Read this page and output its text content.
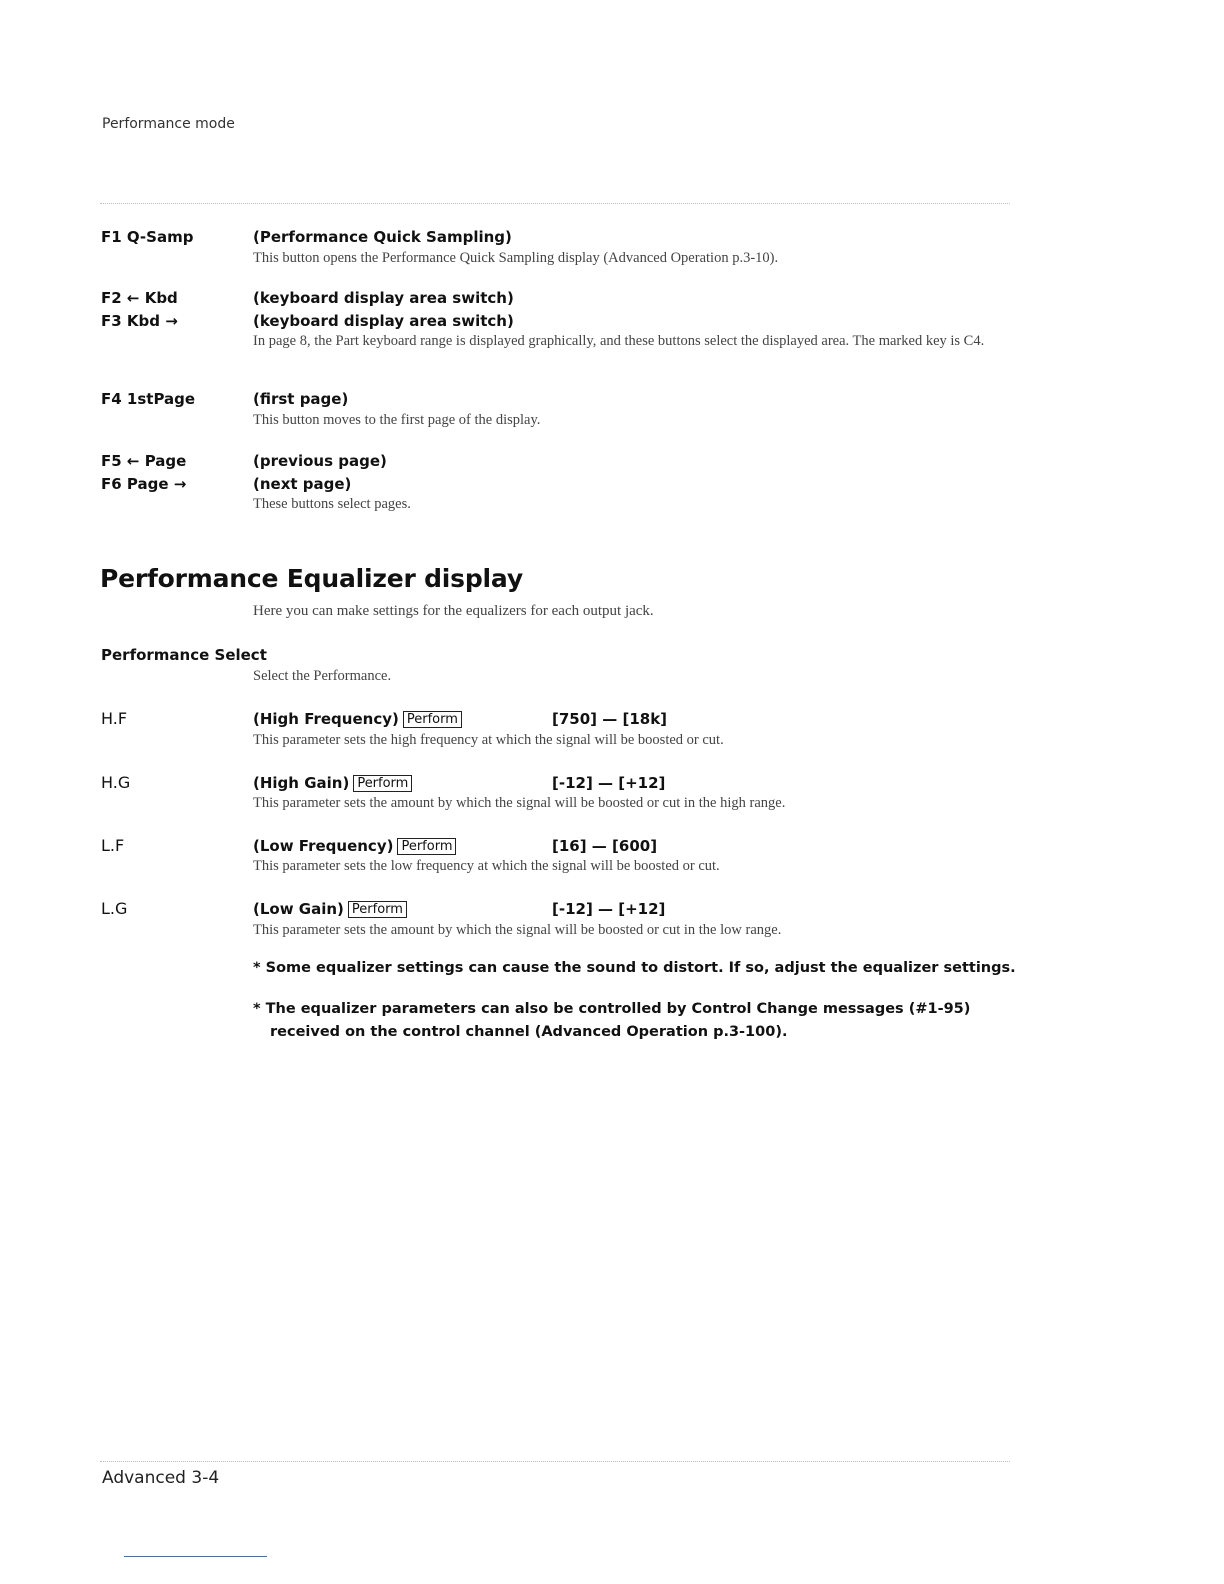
Performance mode
F1 Q-Samp	(Performance Quick Sampling)
This button opens the Performance Quick Sampling display (Advanced Operation p.3-10).
F2 ← Kbd	(keyboard display area switch)
F3 Kbd →	(keyboard display area switch)
In page 8, the Part keyboard range is displayed graphically, and these buttons select the displayed area. The marked key is C4.
F4 1stPage	(first page)
This button moves to the first page of the display.
F5 ← Page	(previous page)
F6 Page →	(next page)
These buttons select pages.
Performance Equalizer display
Here you can make settings for the equalizers for each output jack.
Performance Select
Select the Performance.
H.F	(High Frequency) Perform	[750] — [18k]
This parameter sets the high frequency at which the signal will be boosted or cut.
H.G	(High Gain) Perform	[-12] — [+12]
This parameter sets the amount by which the signal will be boosted or cut in the high range.
L.F	(Low Frequency) Perform	[16] — [600]
This parameter sets the low frequency at which the signal will be boosted or cut.
L.G	(Low Gain) Perform	[-12] — [+12]
This parameter sets the amount by which the signal will be boosted or cut in the low range.
* Some equalizer settings can cause the sound to distort. If so, adjust the equalizer settings.
* The equalizer parameters can also be controlled by Control Change messages (#1-95) received on the control channel (Advanced Operation p.3-100).
Advanced 3-4
